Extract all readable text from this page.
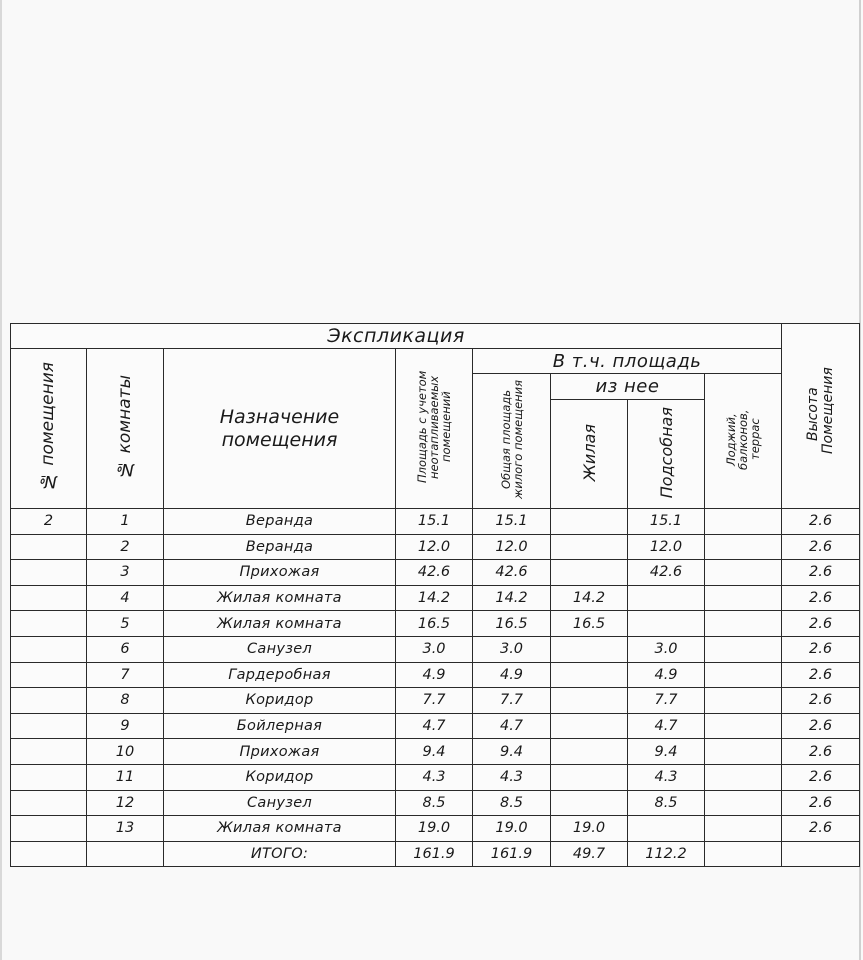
Экспликация								Высота Помещения
№ помещения	№ комнаты	Назначение помещения	Площадь с учетом неотапливаемых помещений	В т.ч. площадь				
				Общая площадь жилого помещения	из нее		Лоджий, балконов, террас	
					Жилая	Подсобная		
2	1	Веранда	15.1	15.1		15.1		2.6
	2	Веранда	12.0	12.0		12.0		2.6
	3	Прихожая	42.6	42.6		42.6		2.6
	4	Жилая комната	14.2	14.2	14.2			2.6
	5	Жилая комната	16.5	16.5	16.5			2.6
	6	Санузел	3.0	3.0		3.0		2.6
	7	Гардеробная	4.9	4.9		4.9		2.6
	8	Коридор	7.7	7.7		7.7		2.6
	9	Бойлерная	4.7	4.7		4.7		2.6
	10	Прихожая	9.4	9.4		9.4		2.6
	11	Коридор	4.3	4.3		4.3		2.6
	12	Санузел	8.5	8.5		8.5		2.6
	13	Жилая комната	19.0	19.0	19.0			2.6
		ИТОГО:	161.9	161.9	49.7	112.2		
